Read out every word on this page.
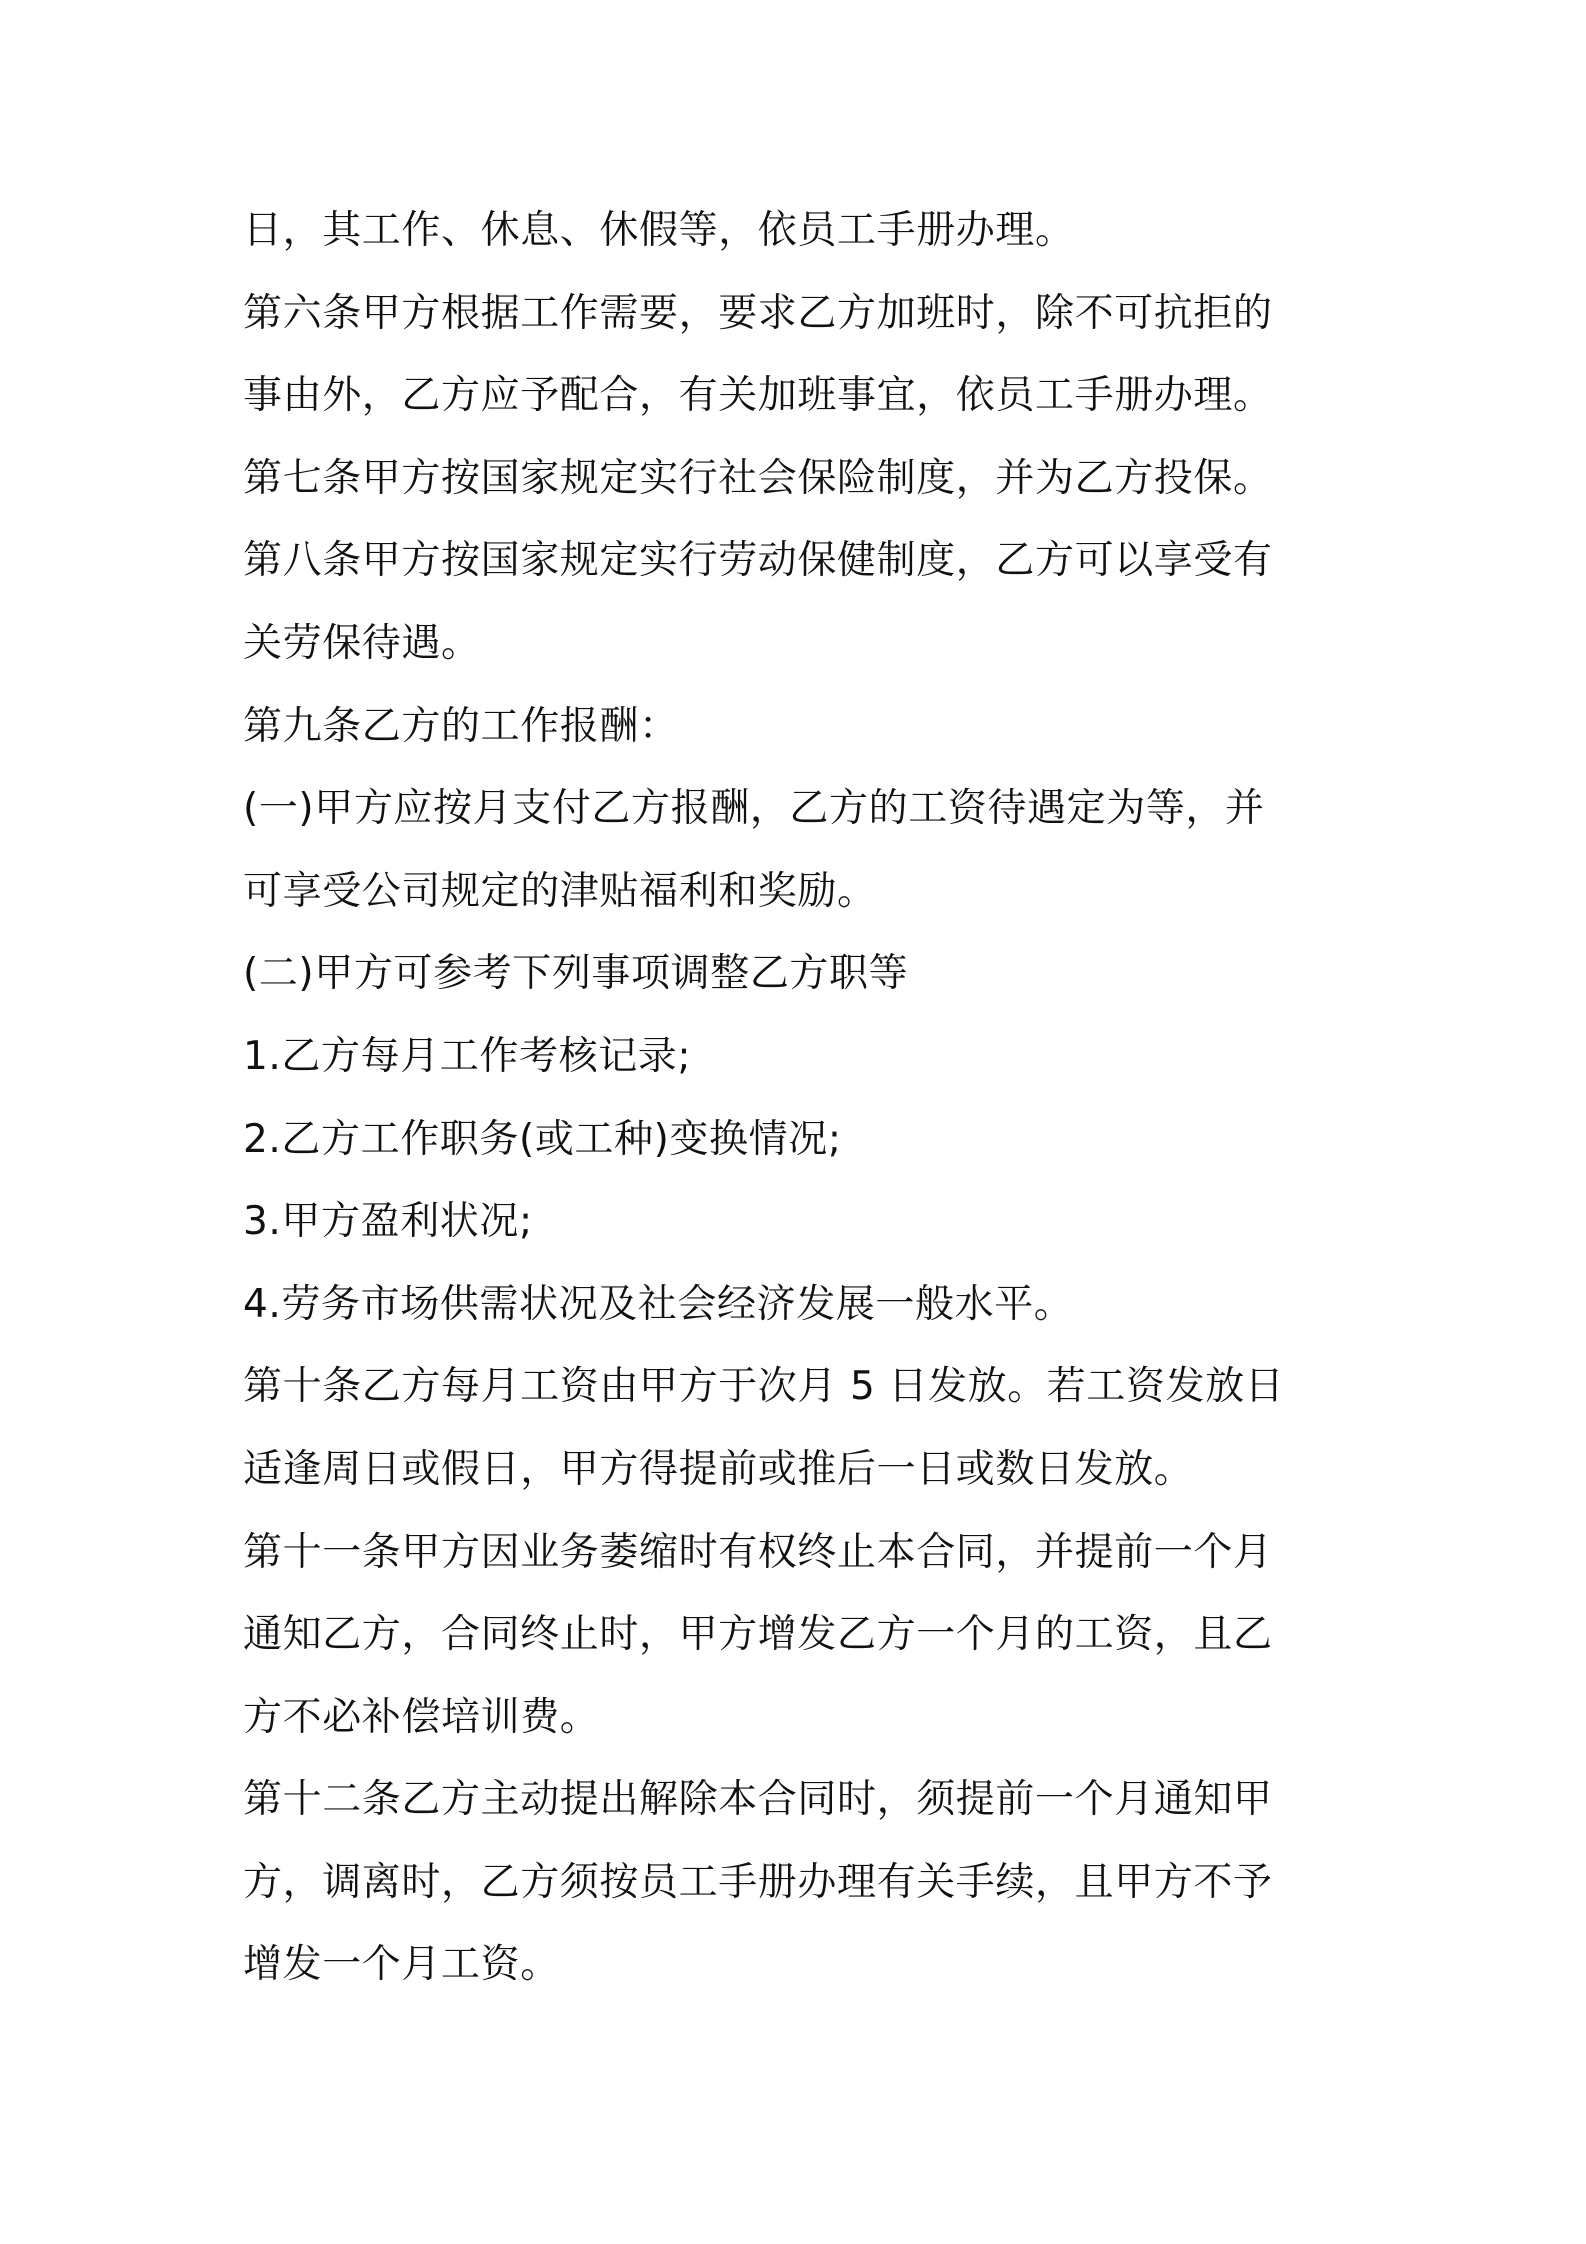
日，其工作、休息、休假等，依员工手册办理。
第六条甲方根据工作需要，要求乙方加班时，除不可抗拒的
事由外，乙方应予配合，有关加班事宜，依员工手册办理。
第七条甲方按国家规定实行社会保险制度，并为乙方投保。
第八条甲方按国家规定实行劳动保健制度，乙方可以享受有
关劳保待遇。
第九条乙方的工作报酬：
(一)甲方应按月支付乙方报酬，乙方的工资待遇定为等，并
可享受公司规定的津贴福利和奖励。
(二)甲方可参考下列事项调整乙方职等
1.乙方每月工作考核记录;
2.乙方工作职务(或工种)变换情况;
3.甲方盈利状况;
4.劳务市场供需状况及社会经济发展一般水平。
第十条乙方每月工资由甲方于次月 5 日发放。若工资发放日
适逢周日或假日，甲方得提前或推后一日或数日发放。
第十一条甲方因业务萎缩时有权终止本合同，并提前一个月
通知乙方，合同终止时，甲方增发乙方一个月的工资，且乙
方不必补偿培训费。
第十二条乙方主动提出解除本合同时，须提前一个月通知甲
方，调离时，乙方须按员工手册办理有关手续，且甲方不予
增发一个月工资。
